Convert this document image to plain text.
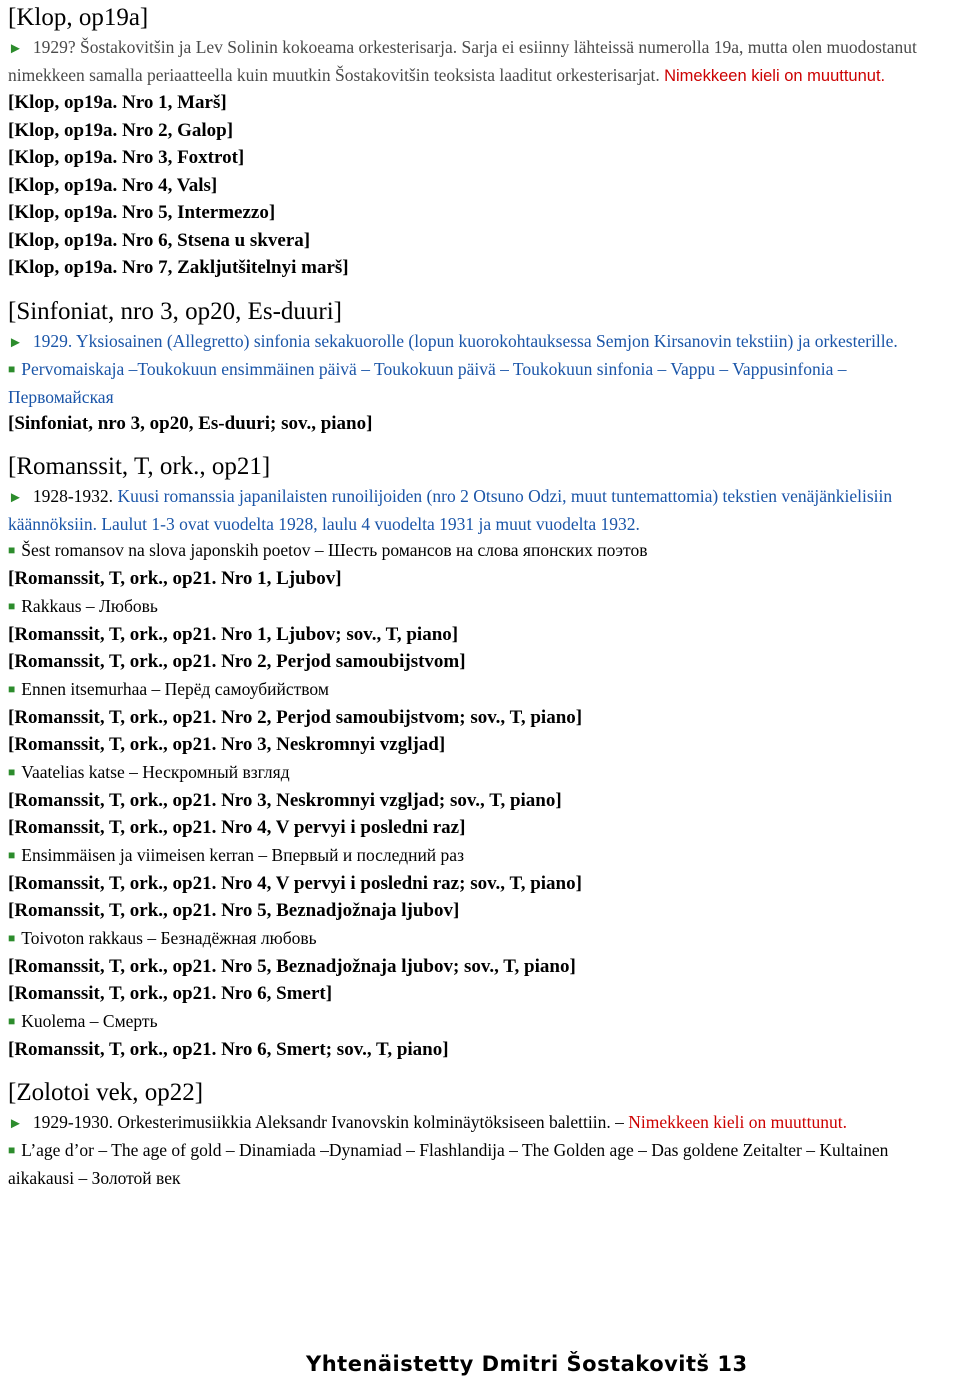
[Klop, op19a]

► 1929? Šostakovitšin ja Lev Solinin kokoeama orkesterisarja. Sarja ei esiinny lähteissä numerolla 19a, mutta olen muodostanut nimekkeen samalla periaatteella kuin muutkin Šostakovitšin teoksista laaditut orkesterisarjat. Nimekkeen kieli on muuttunut.

[Klop, op19a. Nro 1, Marš]
[Klop, op19a. Nro 2, Galop]
[Klop, op19a. Nro 3, Foxtrot]
[Klop, op19a. Nro 4, Vals]
[Klop, op19a. Nro 5, Intermezzo]
[Klop, op19a. Nro 6, Stsena u skvera]
[Klop, op19a. Nro 7, Zakljutšitelnyi marš]
[Sinfoniat, nro 3, op20, Es-duuri]

► 1929. Yksiosainen (Allegretto) sinfonia sekakuorolle (lopun kuorokohtauksessa Semjon Kirsanovin tekstiin) ja orkesterille.

■ Pervomaiskaja –Toukokuun ensimmäinen päivä – Toukokuun päivä – Toukokuun sinfonia – Vappu – Vappusinfonia – Первомайская

[Sinfoniat, nro 3, op20, Es-duuri; sov., piano]
[Romanssit, T, ork., op21]

► 1928-1932. Kuusi romanssia japanilaisten runoilijoiden (nro 2 Otsuno Odzi, muut tuntemattomia) tekstien venäjänkielisiin käännöksiin. Laulut 1-3 ovat vuodelta 1928, laulu 4 vuodelta 1931 ja muut vuodelta 1932.

■ Šest romansov na slova japonskih poetov – Шесть романсов на слова японских поэтов

[Romanssit, T, ork., op21. Nro 1, Ljubov]

■ Rakkaus – Любовь

[Romanssit, T, ork., op21. Nro 1, Ljubov; sov., T, piano]
[Romanssit, T, ork., op21. Nro 2, Perjod samoubijstvom]

■ Ennen itsemurhaa – Перёд самоубийством

[Romanssit, T, ork., op21. Nro 2, Perjod samoubijstvom; sov., T, piano]
[Romanssit, T, ork., op21. Nro 3, Neskromnyi vzgljad]

■ Vaatelias katse – Нескромный взгляд

[Romanssit, T, ork., op21. Nro 3, Neskromnyi vzgljad; sov., T, piano]
[Romanssit, T, ork., op21. Nro 4, V pervyi i posledni raz]

■ Ensimmäisen ja viimeisen kerran – Впервый и последний раз

[Romanssit, T, ork., op21. Nro 4, V pervyi i posledni raz; sov., T, piano]
[Romanssit, T, ork., op21. Nro 5, Beznadjožnaja ljubov]

■ Toivoton rakkaus – Безнадёжная любовь

[Romanssit, T, ork., op21. Nro 5, Beznadjožnaja ljubov; sov., T, piano]
[Romanssit, T, ork., op21. Nro 6, Smert]

■ Kuolema – Смерть

[Romanssit, T, ork., op21. Nro 6, Smert; sov., T, piano]
[Zolotoi vek, op22]

► 1929-1930. Orkesterimusiikkia Aleksandr Ivanovskin kolminäytöksiseen balettiin. – Nimekkeen kieli on muuttunut.

■ L’age d’or – The age of gold – Dinamiada –Dynamiad – Flashlandija – The Golden age – Das goldene Zeitalter – Kultainen aikakausi – Золотой век

Yhtenäistetty Dmitri Šostakovitš 13
